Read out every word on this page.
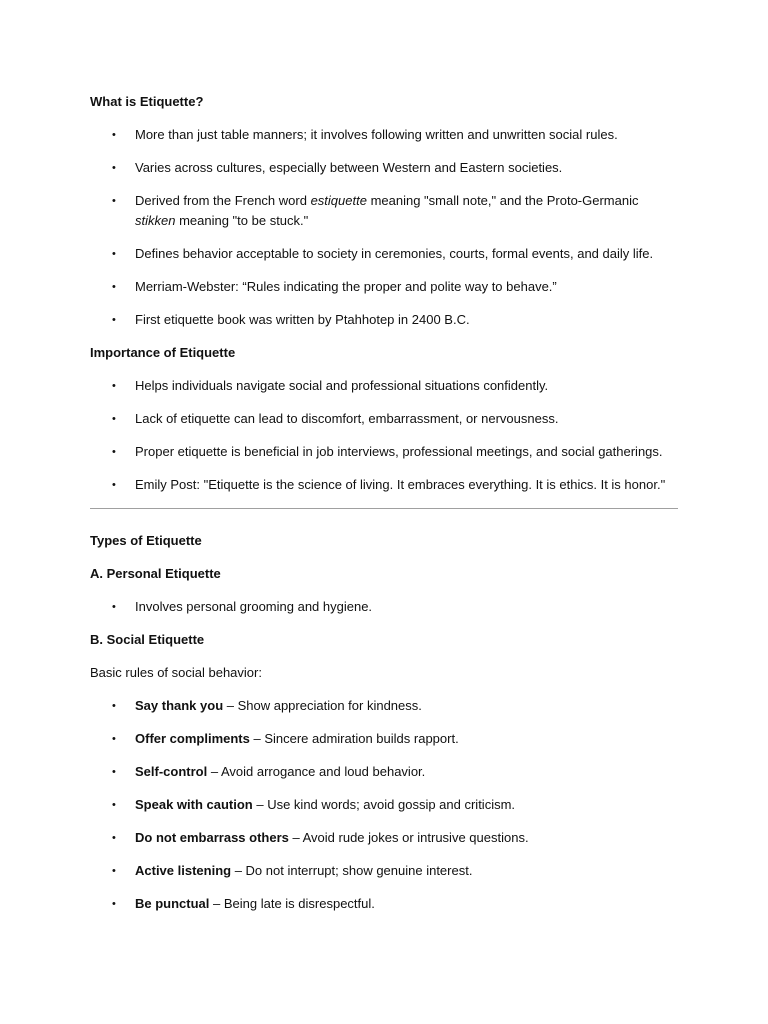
What is Etiquette?
• More than just table manners; it involves following written and unwritten social rules.
• Varies across cultures, especially between Western and Eastern societies.
• Derived from the French word estiquette meaning "small note," and the Proto-Germanic stikken meaning "to be stuck."
• Defines behavior acceptable to society in ceremonies, courts, formal events, and daily life.
• Merriam-Webster: “Rules indicating the proper and polite way to behave.”
• First etiquette book was written by Ptahhotep in 2400 B.C.
Importance of Etiquette
• Helps individuals navigate social and professional situations confidently.
• Lack of etiquette can lead to discomfort, embarrassment, or nervousness.
• Proper etiquette is beneficial in job interviews, professional meetings, and social gatherings.
• Emily Post: "Etiquette is the science of living. It embraces everything. It is ethics. It is honor."
Types of Etiquette
A. Personal Etiquette
• Involves personal grooming and hygiene.
B. Social Etiquette
Basic rules of social behavior:
• Say thank you – Show appreciation for kindness.
• Offer compliments – Sincere admiration builds rapport.
• Self-control – Avoid arrogance and loud behavior.
• Speak with caution – Use kind words; avoid gossip and criticism.
• Do not embarrass others – Avoid rude jokes or intrusive questions.
• Active listening – Do not interrupt; show genuine interest.
• Be punctual – Being late is disrespectful.
